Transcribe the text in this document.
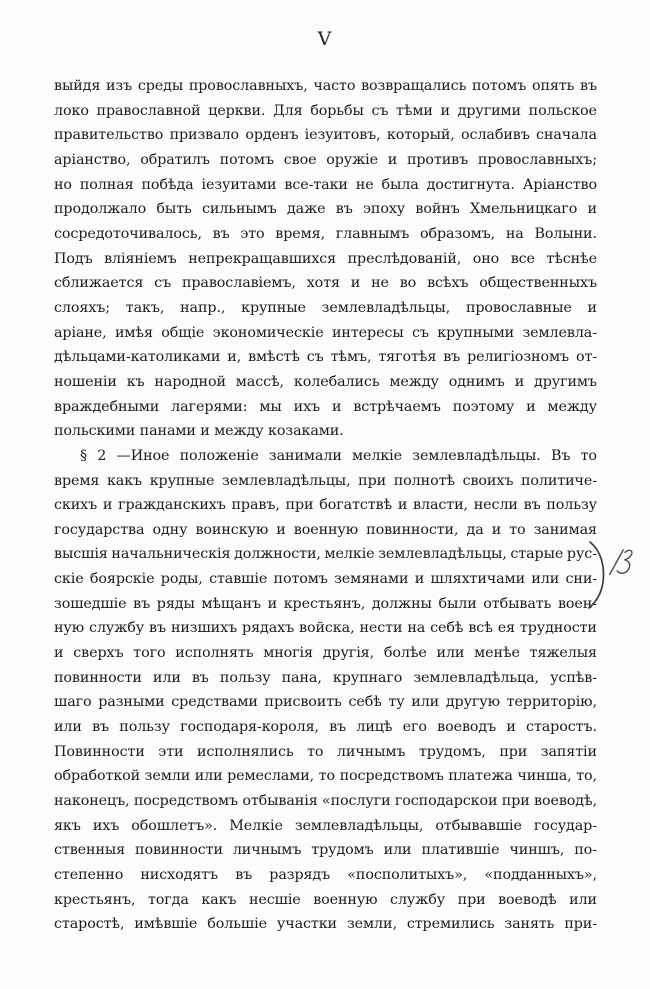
V
выйдя изъ среды провославныхъ, часто возвращались потомъ опять въ
локо православной церкви. Для борьбы съ тѣми и другими польское
правительство призвало орденъ іезуитовъ, который, ослабивъ сначала
аріанство, обратилъ потомъ свое оружіе и противъ провославныхъ;
но полная побѣда іезуитами все-таки не была достигнута. Аріанство
продолжало быть сильнымъ даже въ эпоху войнъ Хмельницкаго и
сосредоточивалось, въ это время, главнымъ образомъ, на Волыни.
Подъ вліяніемъ непрекращавшихся преслѣдованій, оно все тѣснѣе
сближается съ православіемъ, хотя и не во всѣхъ общественныхъ
слояхъ; такъ, напр., крупные землевладѣльцы, провославные и
аріане, имѣя общіе экономическіе интересы съ крупными землевла-
дѣльцами-католиками и, вмѣстѣ съ тѣмъ, тяготѣя въ религіозномъ от-
ношеніи къ народной массѣ, колебались между однимъ и другимъ
враждебными лагерями: мы ихъ и встрѣчаемъ поэтому и между
польскими панами и между козаками.
§ 2 —Иное положеніе занимали мелкіе землевладѣльцы. Въ то
время какъ крупные землевладѣльцы, при полнотѣ своихъ политиче-
скихъ и гражданскихъ правъ, при богатствѣ и власти, несли въ пользу
государства одну воинскую и военную повинности, да и то занимая
высшія начальническія должности, мелкіе землевладѣльцы, старые рус-
скіе боярскіе роды, ставшіе потомъ земянами и шляхтичами или сни-
зошедшіе въ ряды мѣщанъ и крестьянъ, должны были отбывать воен-
ную службу въ низшихъ рядахъ войска, нести на себѣ всѣ ея трудности
и сверхъ того исполнять многія другія, болѣе или менѣе тяжелыя
повинности или въ пользу пана, крупнаго землевладѣльца, успѣв-
шаго разными средствами присвоить себѣ ту или другую территорію,
или въ пользу господаря-короля, въ лицѣ его воеводъ и старостъ.
Повинности эти исполнялись то личнымъ трудомъ, при запятіи
обработкой земли или ремеслами, то посредствомъ платежа чинша, то,
наконецъ, посредствомъ отбыванія «послуги господарскои при воеводѣ,
якъ ихъ обошлетъ». Мелкіе землевладѣльцы, отбывавшіе государ-
ственныя повинности личнымъ трудомъ или платившіе чиншъ, по-
степенно нисходятъ въ разрядъ «посполитыхъ», «подданныхъ»,
крестьянъ, тогда какъ несшіе военную службу при воеводѣ или
старостѣ, имѣвшіе большіе участки земли, стремились занять при-
